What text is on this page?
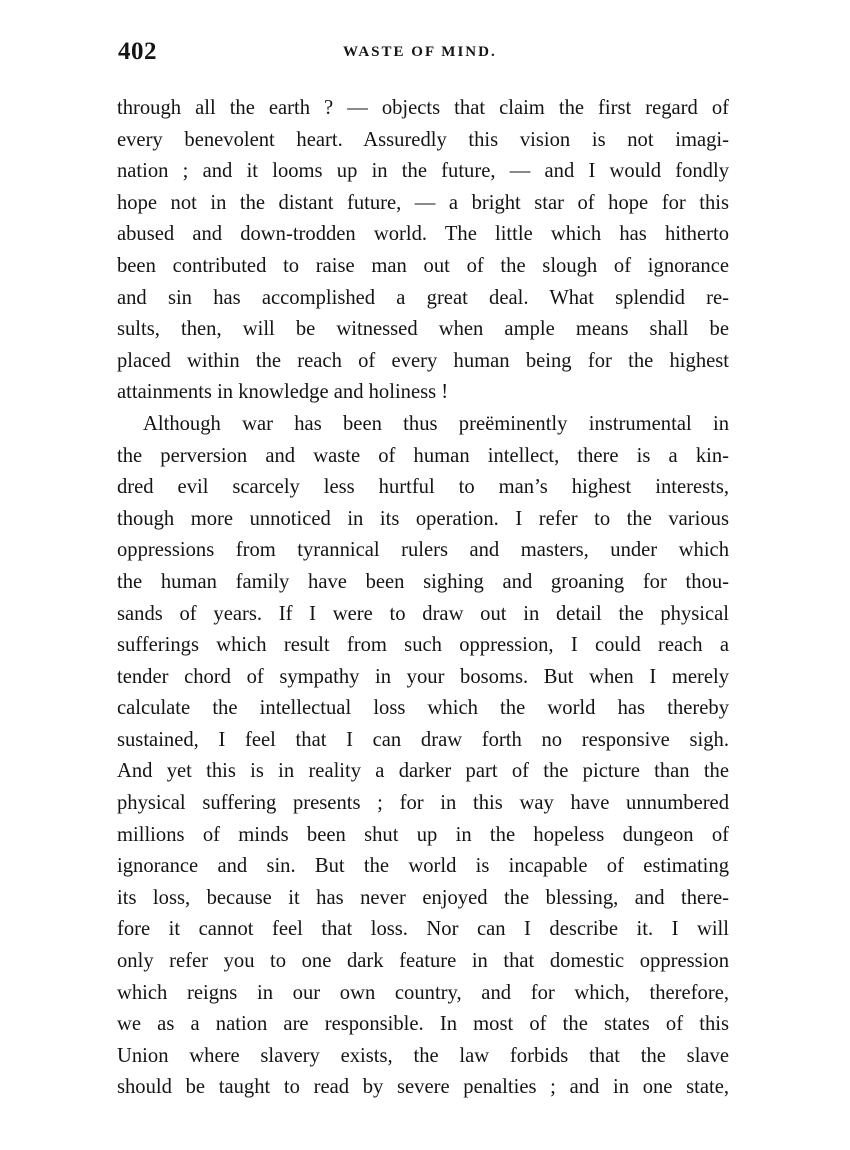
402	WASTE OF MIND.
through all the earth ? — objects that claim the first regard of
every benevolent heart. Assuredly this vision is not imagi-
nation ; and it looms up in the future, — and I would fondly
hope not in the distant future, — a bright star of hope for this
abused and down-trodden world. The little which has hitherto
been contributed to raise man out of the slough of ignorance
and sin has accomplished a great deal. What splendid re-
sults, then, will be witnessed when ample means shall be
placed within the reach of every human being for the highest
attainments in knowledge and holiness !
Although war has been thus preëminently instrumental in
the perversion and waste of human intellect, there is a kin-
dred evil scarcely less hurtful to man’s highest interests,
though more unnoticed in its operation. I refer to the various
oppressions from tyrannical rulers and masters, under which
the human family have been sighing and groaning for thou-
sands of years. If I were to draw out in detail the physical
sufferings which result from such oppression, I could reach a
tender chord of sympathy in your bosoms. But when I merely
calculate the intellectual loss which the world has thereby
sustained, I feel that I can draw forth no responsive sigh.
And yet this is in reality a darker part of the picture than the
physical suffering presents ; for in this way have unnumbered
millions of minds been shut up in the hopeless dungeon of
ignorance and sin. But the world is incapable of estimating
its loss, because it has never enjoyed the blessing, and there-
fore it cannot feel that loss. Nor can I describe it. I will
only refer you to one dark feature in that domestic oppression
which reigns in our own country, and for which, therefore,
we as a nation are responsible. In most of the states of this
Union where slavery exists, the law forbids that the slave
should be taught to read by severe penalties ; and in one state,
